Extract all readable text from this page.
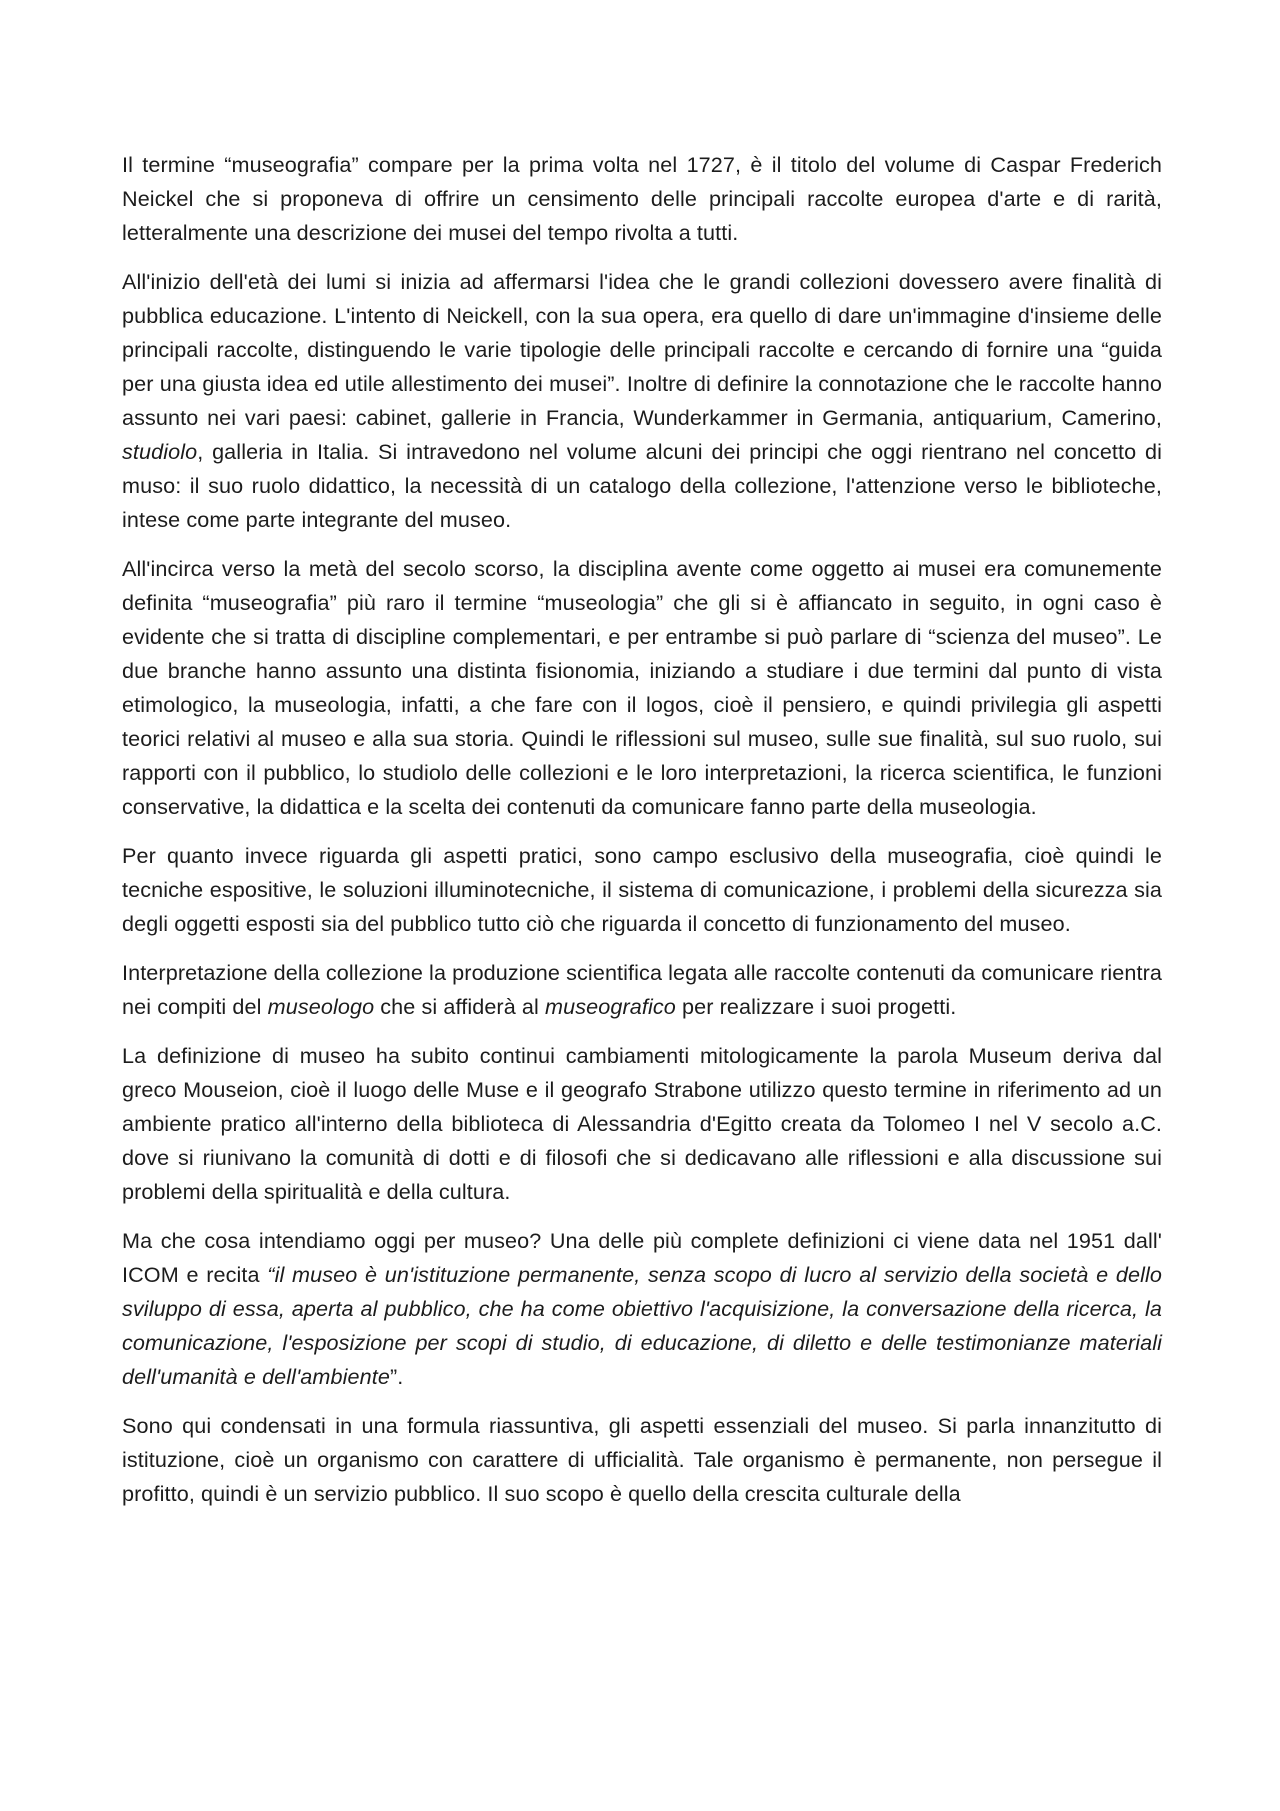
Il termine “museografia” compare per la prima volta nel 1727, è il titolo del volume di Caspar Frederich Neickel che si proponeva di offrire un censimento delle principali raccolte europea d'arte e di rarità, letteralmente una descrizione dei musei del tempo rivolta a tutti.

All'inizio dell'età dei lumi si inizia ad affermarsi l'idea che le grandi collezioni dovessero avere finalità di pubblica educazione. L'intento di Neickell, con la sua opera, era quello di dare un'immagine d'insieme delle principali raccolte, distinguendo le varie tipologie delle principali raccolte e cercando di fornire una “guida per una giusta idea ed utile allestimento dei musei”. Inoltre di definire la connotazione che le raccolte hanno assunto nei vari paesi: cabinet, gallerie in Francia, Wunderkammer in Germania, antiquarium, Camerino, studiolo, galleria in Italia. Si intravedono nel volume alcuni dei principi che oggi rientrano nel concetto di muso: il suo ruolo didattico, la necessità di un catalogo della collezione, l'attenzione verso le biblioteche, intese come parte integrante del museo.

All'incirca verso la metà del secolo scorso, la disciplina avente come oggetto ai musei era comunemente definita “museografia” più raro il termine “museologia” che gli si è affiancato in seguito, in ogni caso è evidente che si tratta di discipline complementari, e per entrambe si può parlare di “scienza del museo”. Le due branche hanno assunto una distinta fisionomia, iniziando a studiare i due termini dal punto di vista etimologico, la museologia, infatti, a che fare con il logos, cioè il pensiero, e quindi privilegia gli aspetti teorici relativi al museo e alla sua storia. Quindi le riflessioni sul museo, sulle sue finalità, sul suo ruolo, sui rapporti con il pubblico, lo studiolo delle collezioni e le loro interpretazioni, la ricerca scientifica, le funzioni conservative, la didattica e la scelta dei contenuti da comunicare fanno parte della museologia.

Per quanto invece riguarda gli aspetti pratici, sono campo esclusivo della museografia, cioè quindi le tecniche espositive, le soluzioni illuminotecniche, il sistema di comunicazione, i problemi della sicurezza sia degli oggetti esposti sia del pubblico tutto ciò che riguarda il concetto di funzionamento del museo.

Interpretazione della collezione la produzione scientifica legata alle raccolte contenuti da comunicare rientra nei compiti del museologo che si affiderà al museografico per realizzare i suoi progetti.

La definizione di museo ha subito continui cambiamenti mitologicamente la parola Museum deriva dal greco Mouseion, cioè il luogo delle Muse e il geografo Strabone utilizzo questo termine in riferimento ad un ambiente pratico all'interno della biblioteca di Alessandria d'Egitto creata da Tolomeo I nel V secolo a.C. dove si riunivano la comunità di dotti e di filosofi che si dedicavano alle riflessioni e alla discussione sui problemi della spiritualità e della cultura.

Ma che cosa intendiamo oggi per museo? Una delle più complete definizioni ci viene data nel 1951 dall' ICOM e recita “il museo è un'istituzione permanente, senza scopo di lucro al servizio della società e dello sviluppo di essa, aperta al pubblico, che ha come obiettivo l'acquisizione, la conversazione della ricerca, la comunicazione, l'esposizione per scopi di studio, di educazione, di diletto e delle testimonianze materiali dell'umanità e dell'ambiente”.

Sono qui condensati in una formula riassuntiva, gli aspetti essenziali del museo. Si parla innanzitutto di istituzione, cioè un organismo con carattere di ufficialità. Tale organismo è permanente, non persegue il profitto, quindi è un servizio pubblico. Il suo scopo è quello della crescita culturale della
